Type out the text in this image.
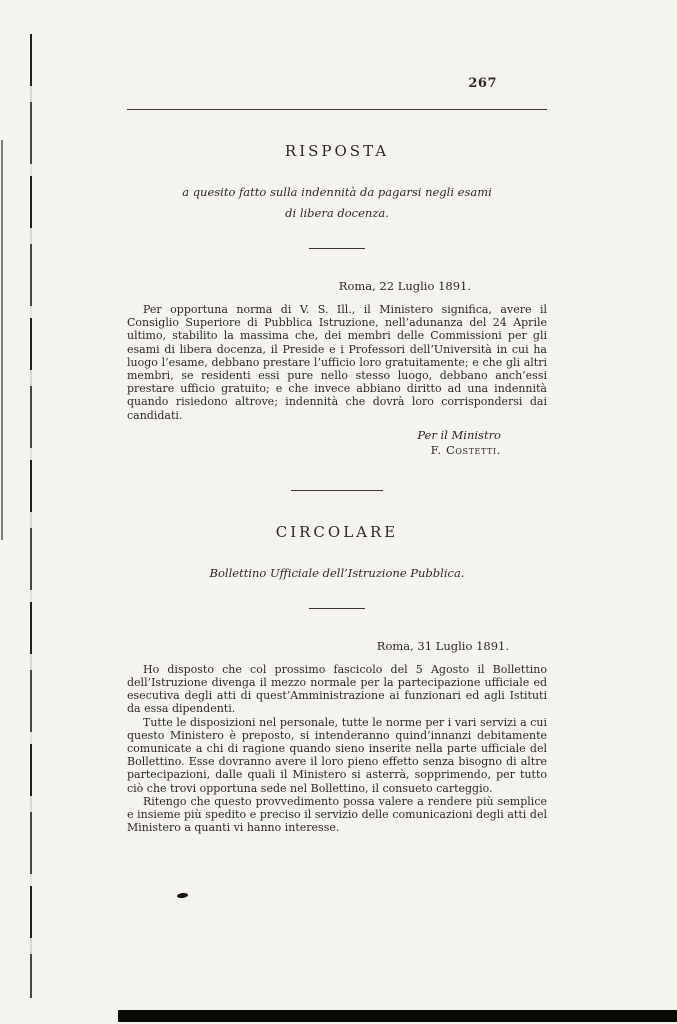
267
RISPOSTA
a quesito fatto sulla indennità da pagarsi negli esami
di libera docenza.
Roma, 22 Luglio 1891.

Per opportuna norma di V. S. Ill., il Ministero significa, avere il Consiglio Superiore di Pubblica Istruzione, nell’adunanza del 24 Aprile ultimo, stabilito la massima che, dei membri delle Commissioni per gli esami di libera docenza, il Preside e i Professori dell’Università in cui ha luogo l’esame, debbano prestare l’ufficio loro gratuitamente; e che gli altri membri, se residenti essi pure nello stesso luogo, debbano anch’essi prestare ufficio gratuito; e che invece abbiano diritto ad una indennità quando risiedono altrove; indennità che dovrà loro corrispondersi dai candidati.

Per il Ministro
F. Costetti.
CIRCOLARE
Bollettino Ufficiale dell’Istruzione Pubblica.
Roma, 31 Luglio 1891.

Ho disposto che col prossimo fascicolo del 5 Agosto il Bollettino dell’Istruzione divenga il mezzo normale per la partecipazione ufficiale ed esecutiva degli atti di quest’Amministrazione ai funzionari ed agli Istituti da essa dipendenti.

Tutte le disposizioni nel personale, tutte le norme per i vari servizi a cui questo Ministero è preposto, si intenderanno quind’innanzi debitamente comunicate a chi di ragione quando sieno inserite nella parte ufficiale del Bollettino. Esse dovranno avere il loro pieno effetto senza bisogno di altre partecipazioni, dalle quali il Ministero si asterrà, sopprimendo, per tutto ciò che trovi opportuna sede nel Bollettino, il consueto carteggio.

Ritengo che questo provvedimento possa valere a rendere più semplice e insieme più spedito e preciso il servizio delle comunicazioni degli atti del Ministero a quanti vi hanno interesse.
